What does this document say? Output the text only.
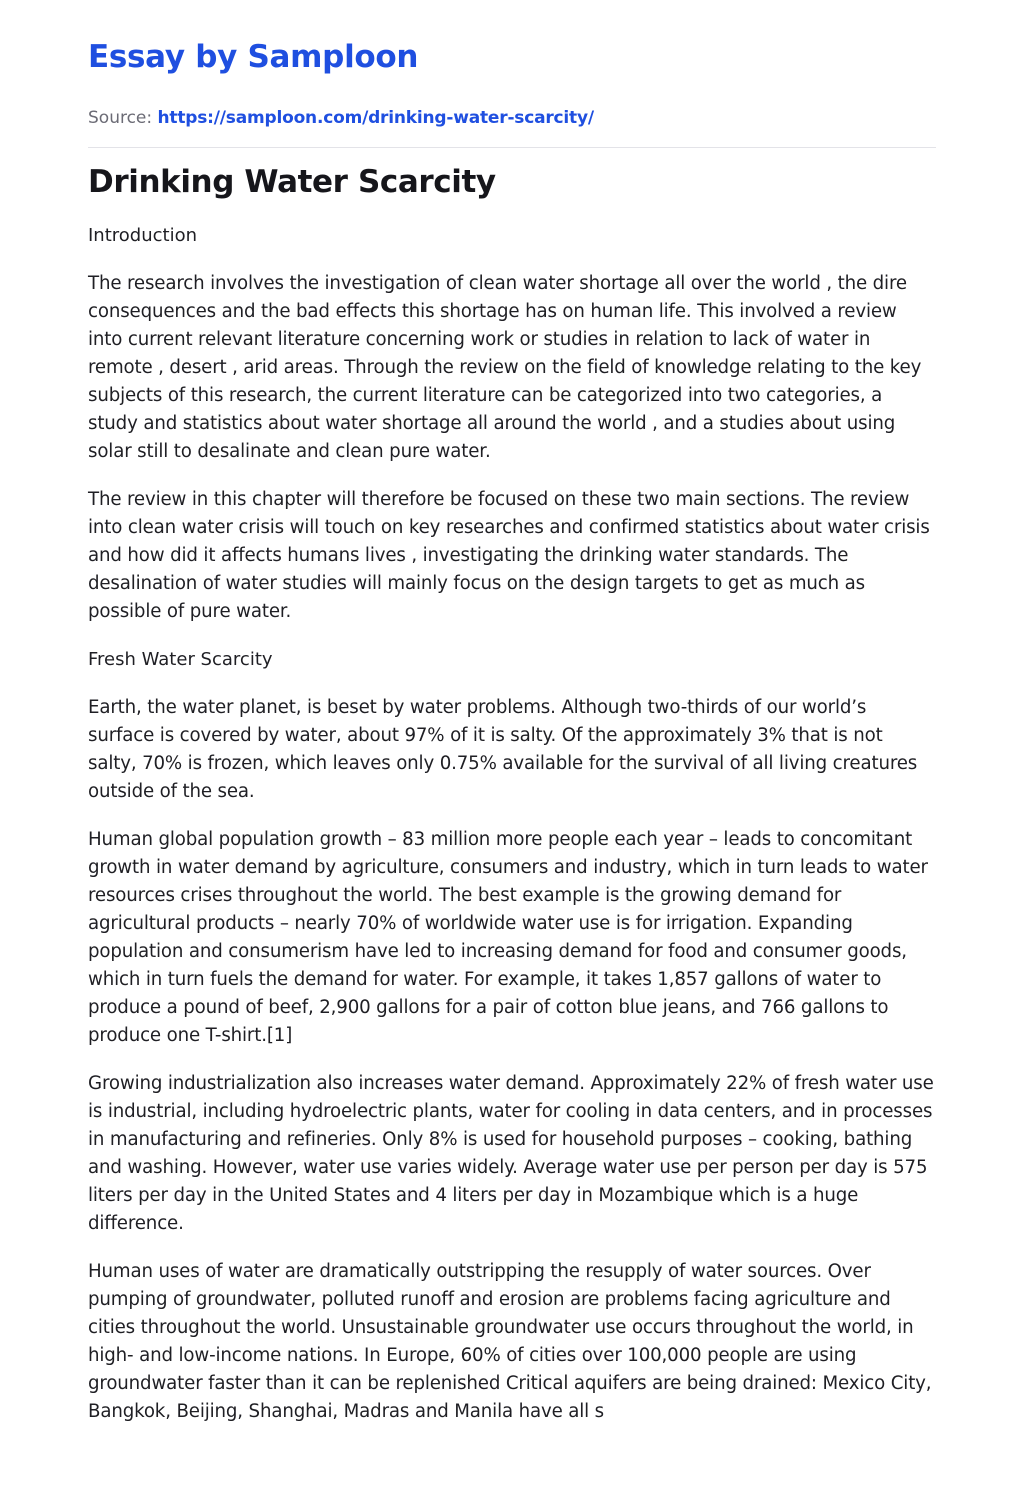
Essay by Samploon
Source: https://samploon.com/drinking-water-scarcity/
Drinking Water Scarcity

Introduction

The research involves the investigation of clean water shortage all over the world , the dire consequences and the bad effects this shortage has on human life. This involved a review into current relevant literature concerning work or studies in relation to lack of water in remote , desert , arid areas. Through the review on the field of knowledge relating to the key subjects of this research, the current literature can be categorized into two categories, a study and statistics about water shortage all around the world , and a studies about using solar still to desalinate and clean pure water.

The review in this chapter will therefore be focused on these two main sections. The review into clean water crisis will touch on key researches and confirmed statistics about water crisis and how did it affects humans lives , investigating the drinking water standards. The desalination of water studies will mainly focus on the design targets to get as much as possible of pure water.

Fresh Water Scarcity

Earth, the water planet, is beset by water problems. Although two-thirds of our world’s surface is covered by water, about 97% of it is salty. Of the approximately 3% that is not salty, 70% is frozen, which leaves only 0.75% available for the survival of all living creatures outside of the sea.

Human global population growth – 83 million more people each year – leads to concomitant growth in water demand by agriculture, consumers and industry, which in turn leads to water resources crises throughout the world. The best example is the growing demand for agricultural products – nearly 70% of worldwide water use is for irrigation. Expanding population and consumerism have led to increasing demand for food and consumer goods, which in turn fuels the demand for water. For example, it takes 1,857 gallons of water to produce a pound of beef, 2,900 gallons for a pair of cotton blue jeans, and 766 gallons to produce one T-shirt.[1]

Growing industrialization also increases water demand. Approximately 22% of fresh water use is industrial, including hydroelectric plants, water for cooling in data centers, and in processes in manufacturing and refineries. Only 8% is used for household purposes – cooking, bathing and washing. However, water use varies widely. Average water use per person per day is 575 liters per day in the United States and 4 liters per day in Mozambique which is a huge difference.

Human uses of water are dramatically outstripping the resupply of water sources. Over pumping of groundwater, polluted runoff and erosion are problems facing agriculture and cities throughout the world. Unsustainable groundwater use occurs throughout the world, in high- and low-income nations. In Europe, 60% of cities over 100,000 people are using groundwater faster than it can be replenished Critical aquifers are being drained: Mexico City, Bangkok, Beijing, Shanghai, Madras and Manila have all s
